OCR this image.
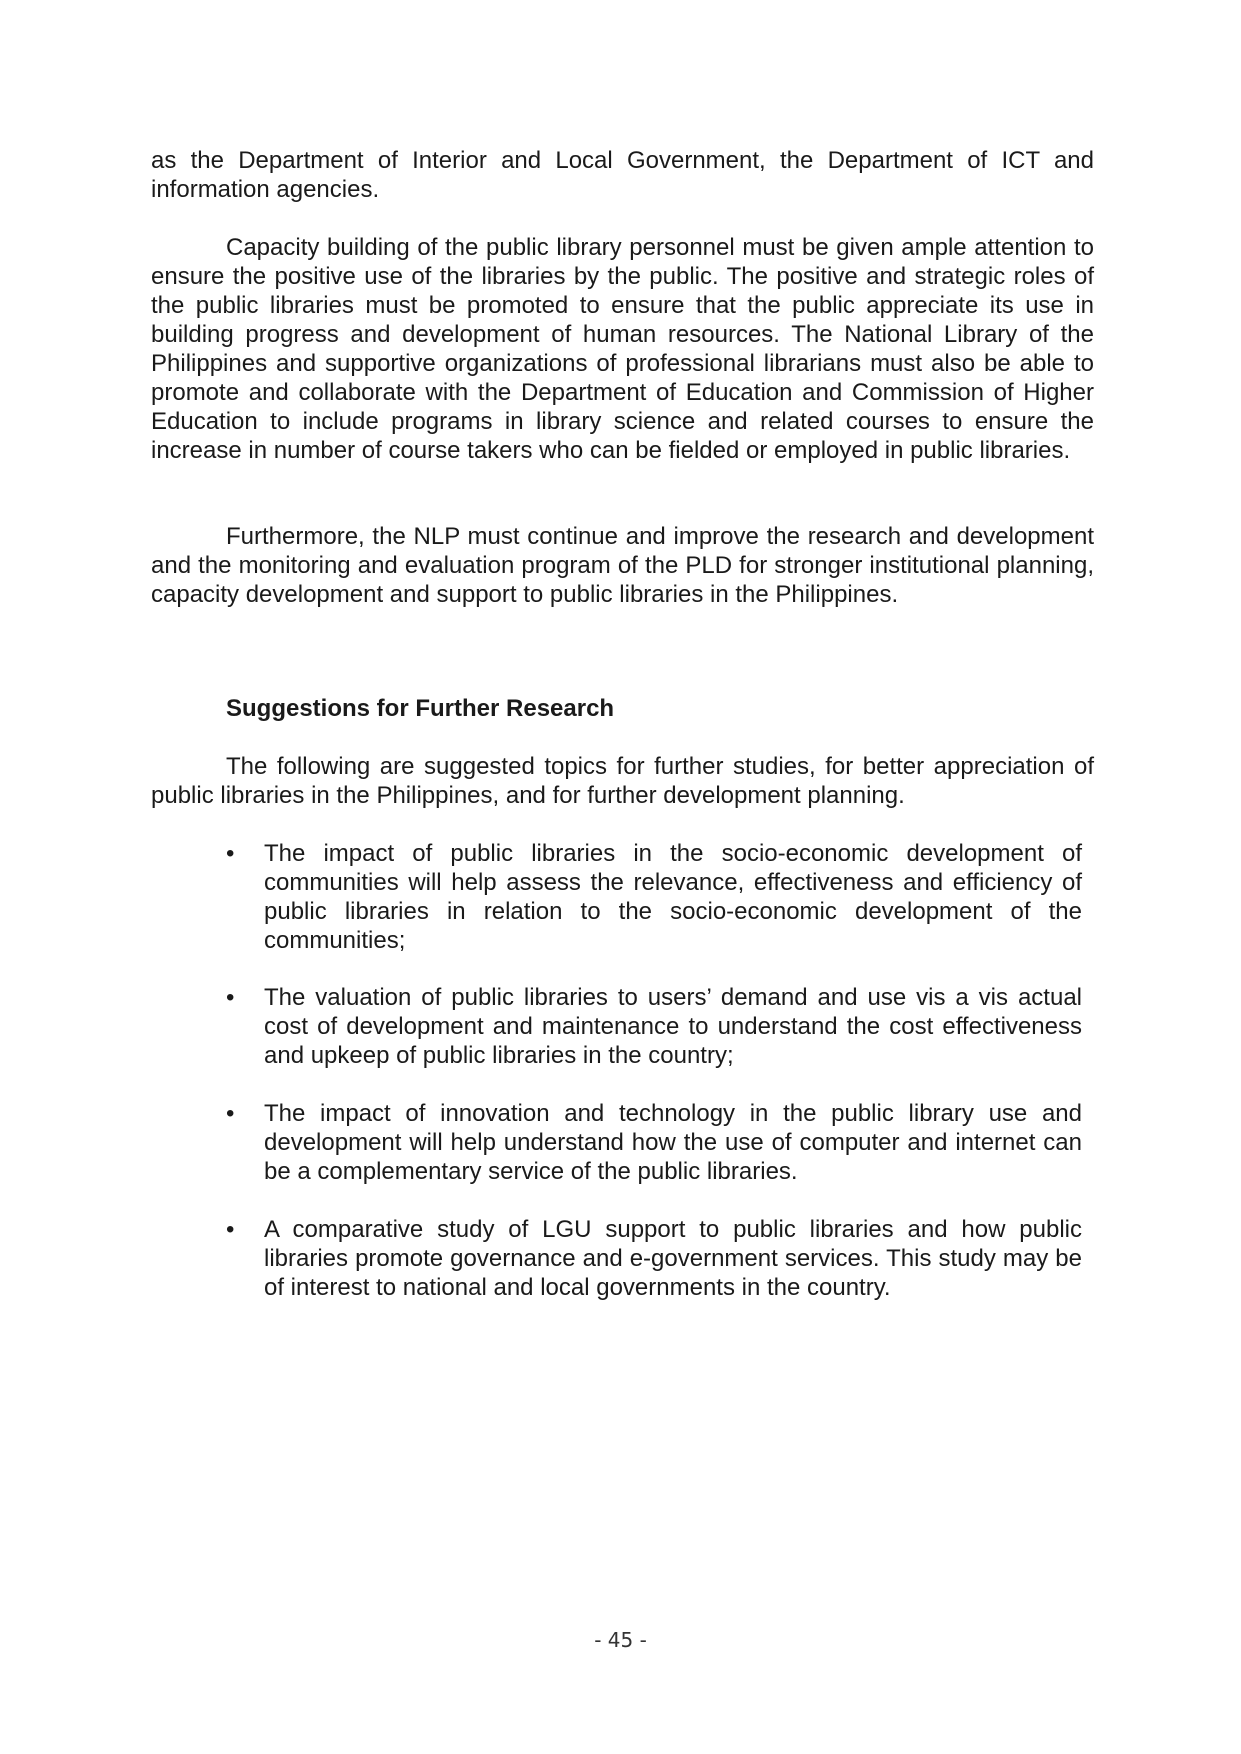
as the Department of Interior and Local Government, the Department of ICT and information agencies.

Capacity building of the public library personnel must be given ample attention to ensure the positive use of the libraries by the public. The positive and strategic roles of the public libraries must be promoted to ensure that the public appreciate its use in building progress and development of human resources. The National Library of the Philippines and supportive organizations of professional librarians must also be able to promote and collaborate with the Department of Education and Commission of Higher Education to include programs in library science and related courses to ensure the increase in number of course takers who can be fielded or employed in public libraries.

Furthermore, the NLP must continue and improve the research and development and the monitoring and evaluation program of the PLD for stronger institutional planning, capacity development and support to public libraries in the Philippines.

Suggestions for Further Research

The following are suggested topics for further studies, for better appreciation of public libraries in the Philippines, and for further development planning.

• The impact of public libraries in the socio-economic development of communities will help assess the relevance, effectiveness and efficiency of public libraries in relation to the socio-economic development of the communities;

• The valuation of public libraries to users’ demand and use vis a vis actual cost of development and maintenance to understand the cost effectiveness and upkeep of public libraries in the country;

• The impact of innovation and technology in the public library use and development will help understand how the use of computer and internet can be a complementary service of the public libraries.

• A comparative study of LGU support to public libraries and how public libraries promote governance and e-government services. This study may be of interest to national and local governments in the country.

- 45 -
